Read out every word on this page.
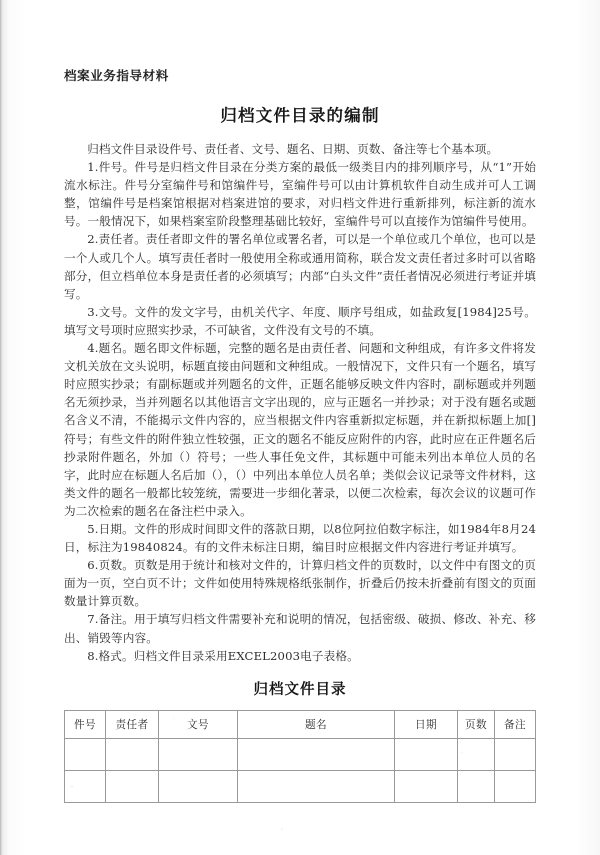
档案业务指导材料
归档文件目录的编制

归档文件目录设件号、责任者、文号、题名、日期、页数、备注等七个基本项。

1.件号。件号是归档文件目录在分类方案的最低一级类目内的排列顺序号，从“1”开始流水标注。件号分室编件号和馆编件号，室编件号可以由计算机软件自动生成并可人工调整，馆编件号是档案馆根据对档案进馆的要求，对归档文件进行重新排列，标注新的流水号。一般情况下，如果档案室阶段整理基础比较好，室编件号可以直接作为馆编件号使用。

2.责任者。责任者即文件的署名单位或署名者，可以是一个单位或几个单位，也可以是一个人或几个人。填写责任者时一般使用全称或通用简称，联合发文责任者过多时可以省略部分，但立档单位本身是责任者的必须填写；内部“白头文件”责任者情况必须进行考证并填写。

3.文号。文件的发文字号，由机关代字、年度、顺序号组成，如盐政复[1984]25号。填写文号项时应照实抄录，不可缺省，文件没有文号的不填。

4.题名。题名即文件标题，完整的题名是由责任者、问题和文种组成，有许多文件将发文机关放在文头说明，标题直接由问题和文种组成。一般情况下，文件只有一个题名，填写时应照实抄录；有副标题或并列题名的文件，正题名能够反映文件内容时，副标题或并列题名无须抄录，当并列题名以其他语言文字出现的，应与正题名一并抄录；对于没有题名或题名含义不清，不能揭示文件内容的，应当根据文件内容重新拟定标题，并在新拟标题上加[]符号；有些文件的附件独立性较强，正文的题名不能反应附件的内容，此时应在正件题名后抄录附件题名，外加（）符号；一些人事任免文件，其标题中可能未列出本单位人员的名字，此时应在标题人名后加（），（）中列出本单位人员名单；类似会议记录等文件材料，这类文件的题名一般都比较笼统，需要进一步细化著录，以便二次检索，每次会议的议题可作为二次检索的题名在备注栏中录入。

5.日期。文件的形成时间即文件的落款日期，以8位阿拉伯数字标注，如1984年8月24日，标注为19840824。有的文件未标注日期，编目时应根据文件内容进行考证并填写。

6.页数。页数是用于统计和核对文件的，计算归档文件的页数时，以文件中有图文的页面为一页，空白页不计；文件如使用特殊规格纸张制作，折叠后仍按未折叠前有图文的页面数量计算页数。

7.备注。用于填写归档文件需要补充和说明的情况，包括密级、破损、修改、补充、移出、销毁等内容。

8.格式。归档文件目录采用EXCEL2003电子表格。

归档文件目录
件号	责任者	文号	题名	日期	页数	备注
